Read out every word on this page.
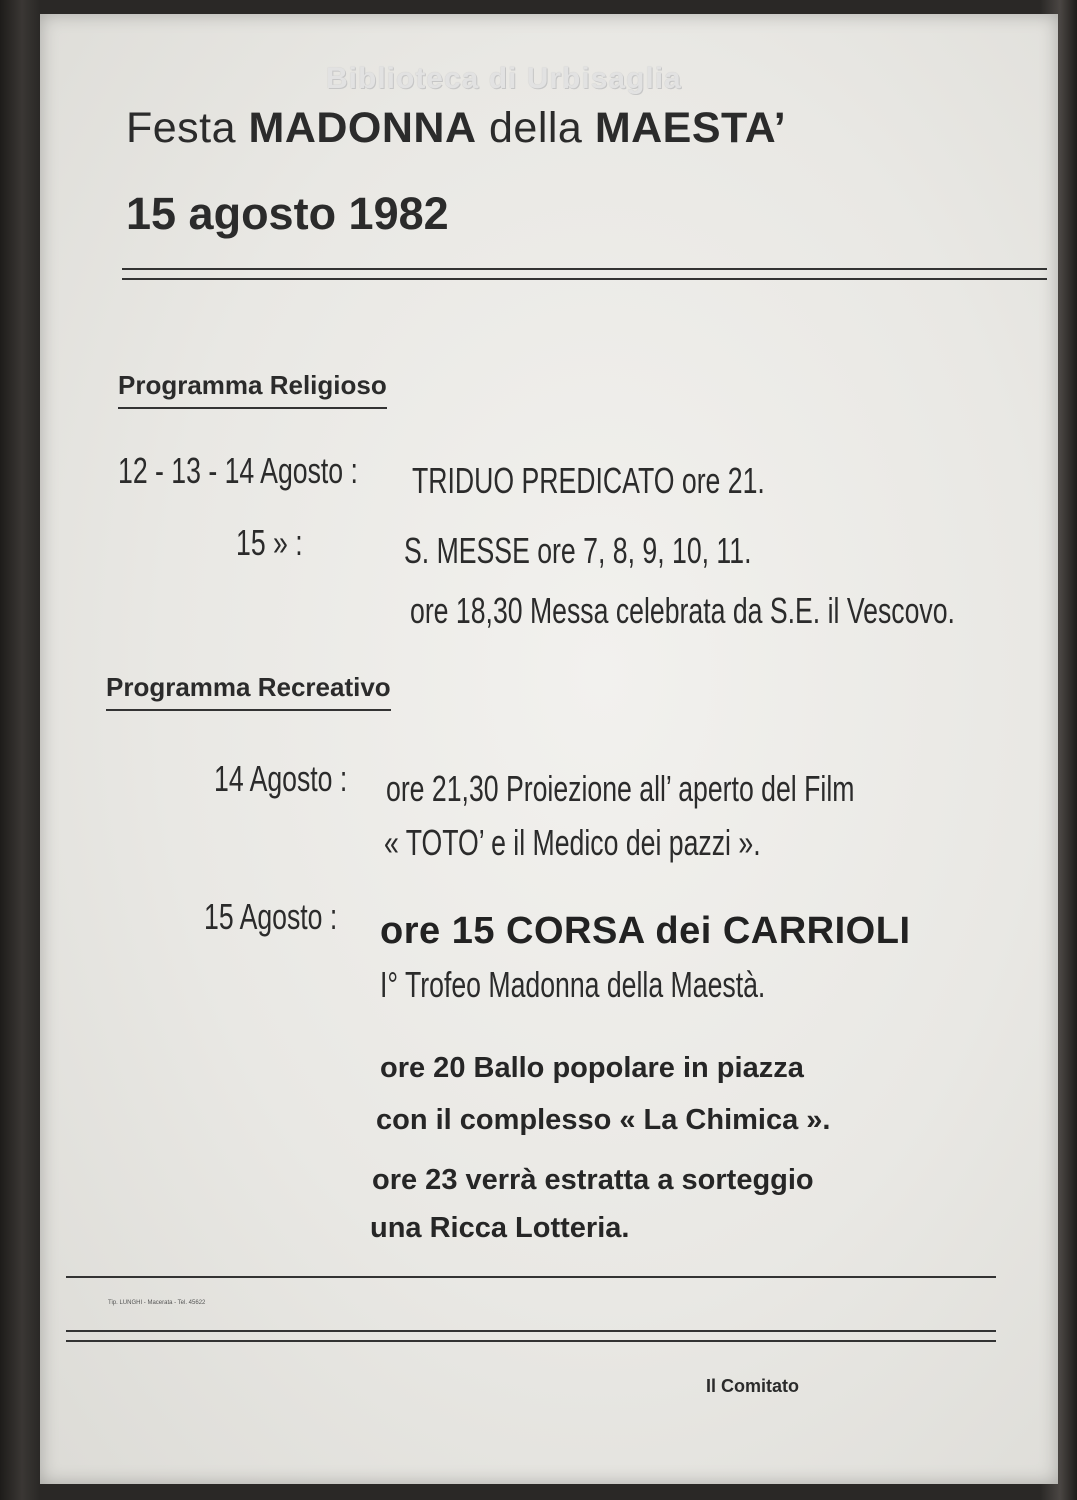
Biblioteca di Urbisaglia
Festa MADONNA della MAESTA’
15 agosto 1982
Programma Religioso
12 - 13 - 14 Agosto : TRIDUO PREDICATO ore 21.
15 » :	S. MESSE ore 7, 8, 9, 10, 11.
ore 18,30 Messa celebrata da S.E. il Vescovo.
Programma Recreativo
14 Agosto : ore 21,30 Proiezione all’ aperto del Film
« TOTO’ e il Medico dei pazzi ».
15 Agosto : ore 15 CORSA dei CARRIOLI
I° Trofeo Madonna della Maestà.
ore 20 Ballo popolare in piazza
con il complesso « La Chimica ».
ore 23 verrà estratta a sorteggio
una Ricca Lotteria.
Tip. LUNGHI - Macerata - Tel. 45622
Il Comitato
